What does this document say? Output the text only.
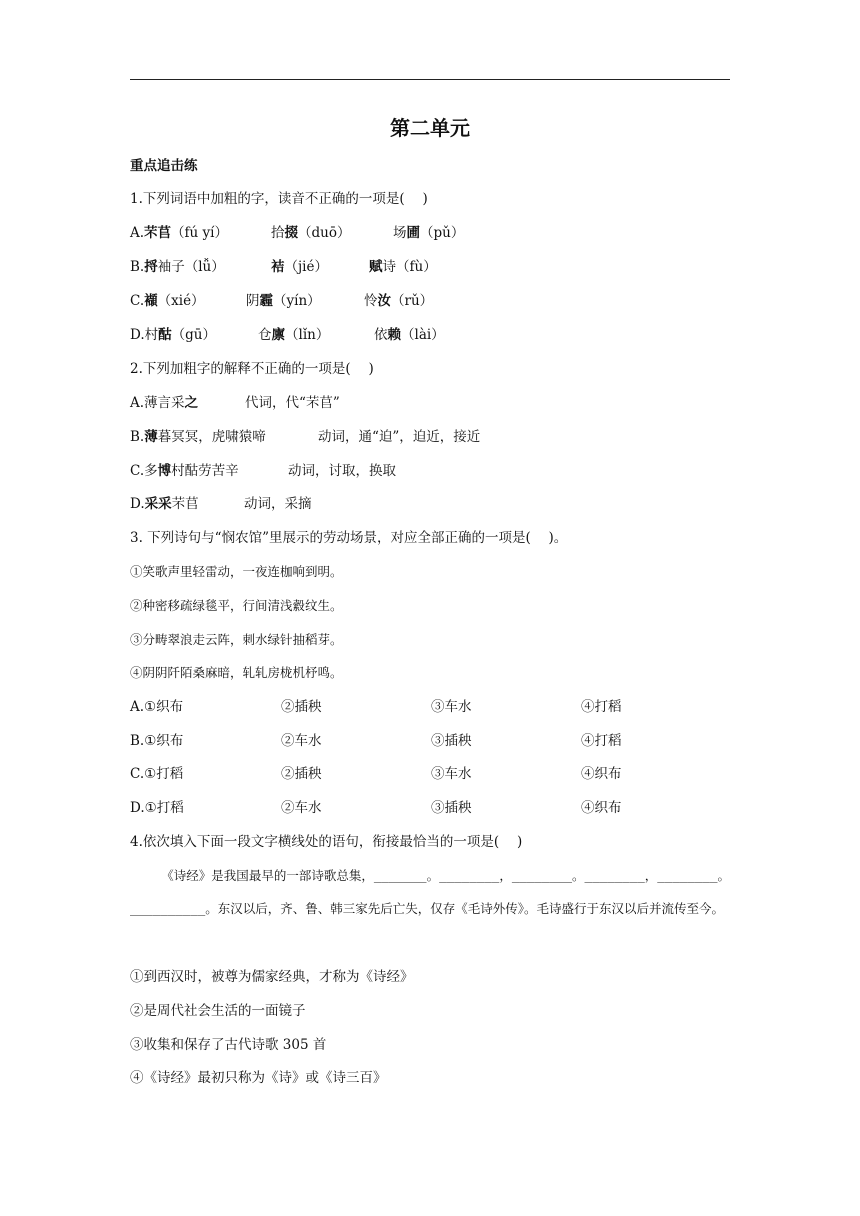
第二单元
重点追击练
1.下列词语中加粗的字，读音不正确的一项是(　 )
A.芣苢（fú yí）	拾掇（duō）	场圃（pǔ）
B.捋袖子（lǚ）	袺（jié）	赋诗（fù）
C.襭（xié）	阴霾（yín）	怜汝（rǔ）
D.村酤（gū）	仓廪（lǐn）	依赖（lài）
2.下列加粗字的解释不正确的一项是(　 )
A.薄言采之	代词，代“芣苢”
B.薄暮冥冥，虎啸猿啼	动词，通“迫”，迫近，接近
C.多博村酤劳苦辛	动词，讨取，换取
D.采采芣苢	动词，采摘
3. 下列诗句与“悯农馆”里展示的劳动场景，对应全部正确的一项是(　 )。
①笑歌声里轻雷动，一夜连枷响到明。
②种密移疏绿毯平，行间清浅縠纹生。
③分畴翠浪走云阵，刺水绿针抽稻芽。
④阴阴阡陌桑麻暗，轧轧房栊机杼鸣。
A.①织布	②插秧	③车水	④打稻
B.①织布	②车水	③插秧	④打稻
C.①打稻	②插秧	③车水	④织布
D.①打稻	②车水	③插秧	④织布
4.依次填入下面一段文字横线处的语句，衔接最恰当的一项是(　 )
《诗经》是我国最早的一部诗歌总集，_______。________，________。________，________。__________。东汉以后，齐、鲁、韩三家先后亡失，仅存《毛诗外传》。毛诗盛行于东汉以后并流传至今。
①到西汉时，被尊为儒家经典，才称为《诗经》
②是周代社会生活的一面镜子
③收集和保存了古代诗歌 305 首
④《诗经》最初只称为《诗》或《诗三百》
